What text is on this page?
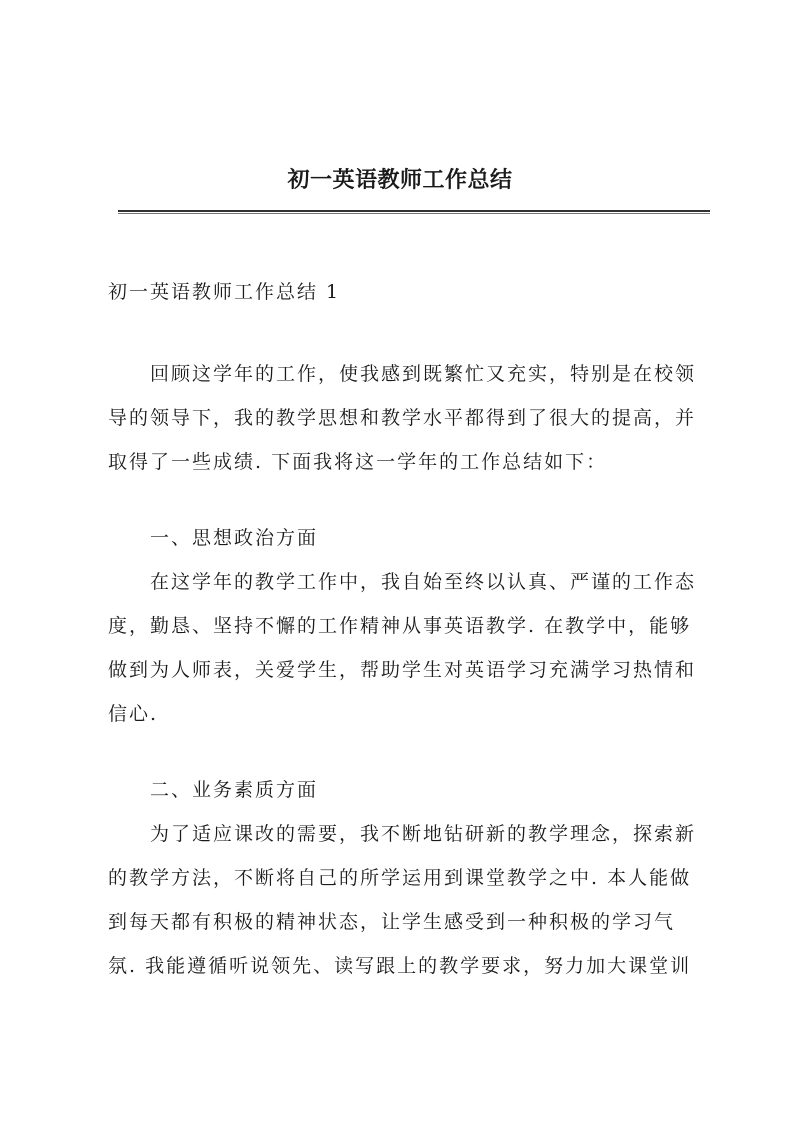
初一英语教师工作总结
初一英语教师工作总结 1
回顾这学年的工作，使我感到既繁忙又充实，特别是在校领
导的领导下，我的教学思想和教学水平都得到了很大的提高，并
取得了一些成绩. 下面我将这一学年的工作总结如下：
一、思想政治方面
在这学年的教学工作中，我自始至终以认真、严谨的工作态
度，勤恳、坚持不懈的工作精神从事英语教学. 在教学中，能够
做到为人师表，关爱学生，帮助学生对英语学习充满学习热情和
信心.
二、业务素质方面
为了适应课改的需要，我不断地钻研新的教学理念，探索新
的教学方法，不断将自己的所学运用到课堂教学之中. 本人能做
到每天都有积极的精神状态，让学生感受到一种积极的学习气
氛. 我能遵循听说领先、读写跟上的教学要求，努力加大课堂训
